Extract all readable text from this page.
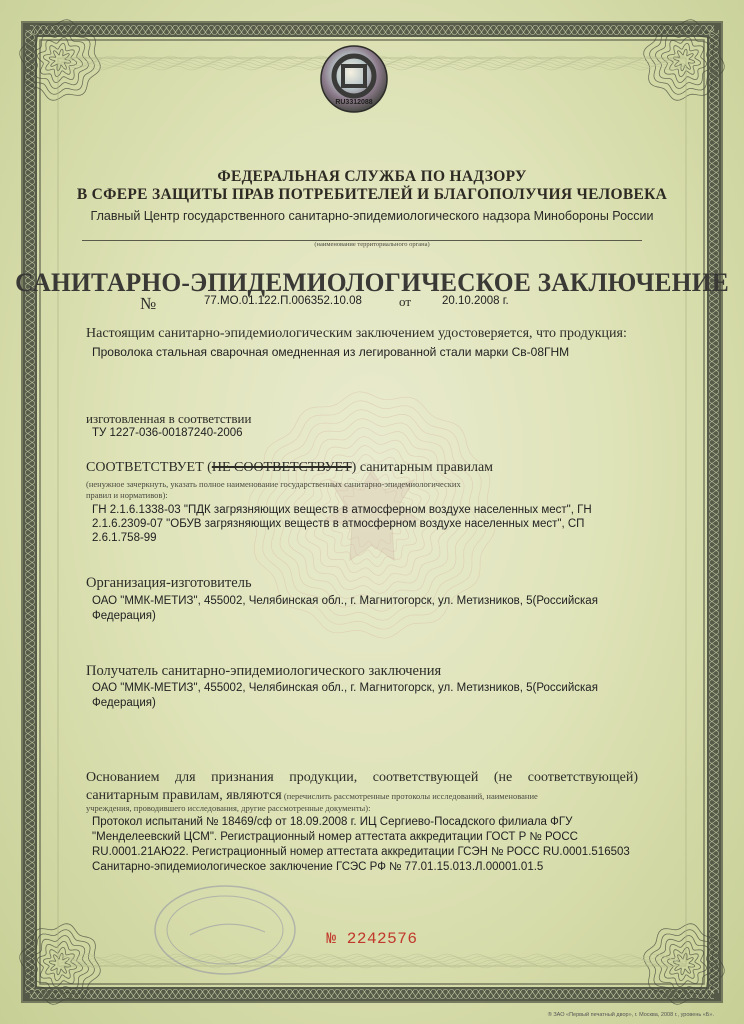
RU3312088
ФЕДЕРАЛЬНАЯ СЛУЖБА ПО НАДЗОРУ
В СФЕРЕ ЗАЩИТЫ ПРАВ ПОТРЕБИТЕЛЕЙ И БЛАГОПОЛУЧИЯ ЧЕЛОВЕКА
Главный Центр государственного санитарно-эпидемиологического надзора Минобороны России
(наименование территориального органа)
САНИТАРНО-ЭПИДЕМИОЛОГИЧЕСКОЕ ЗАКЛЮЧЕНИЕ
№	77.МО.01.122.П.006352.10.08	от	20.10.2008 г.
Настоящим санитарно-эпидемиологическим заключением удостоверяется, что продукция:
Проволока стальная сварочная омедненная из легированной стали марки Св-08ГНМ
изготовленная в соответствии
ТУ 1227-036-00187240-2006
СООТВЕТСТВУЕТ (НЕ СООТВЕТСТВУЕТ) санитарным правилам
(ненужное зачеркнуть, указать полное наименование государственных санитарно-эпидемиологических
правил и нормативов):
ГН 2.1.6.1338-03 "ПДК загрязняющих веществ в атмосферном воздухе населенных мест", ГН 2.1.6.2309-07 "ОБУВ загрязняющих веществ в атмосферном воздухе населенных мест", СП 2.6.1.758-99
Организация-изготовитель
ОАО "ММК-МЕТИЗ", 455002, Челябинская обл., г. Магнитогорск, ул. Метизников, 5(Российская Федерация)
Получатель санитарно-эпидемиологического заключения
ОАО "ММК-МЕТИЗ", 455002, Челябинская обл., г. Магнитогорск, ул. Метизников, 5(Российская Федерация)
Основанием для признания продукции, соответствующей (не соответствующей)
санитарным правилам, являются (перечислить рассмотренные протоколы исследований, наименование
учреждения, проводившего исследования, другие рассмотренные документы):
Протокол испытаний № 18469/сф от 18.09.2008 г. ИЦ Сергиево-Посадского филиала ФГУ "Менделеевский ЦСМ". Регистрационный номер аттестата аккредитации ГОСТ Р № РОСС RU.0001.21АЮ22. Регистрационный номер аттестата аккредитации ГСЭН № РОСС RU.0001.516503 Санитарно-эпидемиологическое заключение ГСЭС РФ № 77.01.15.013.Л.00001.01.5
№ 2242576
® ЗАО «Первый печатный двор», г. Москва, 2008 г., уровень «Б».
